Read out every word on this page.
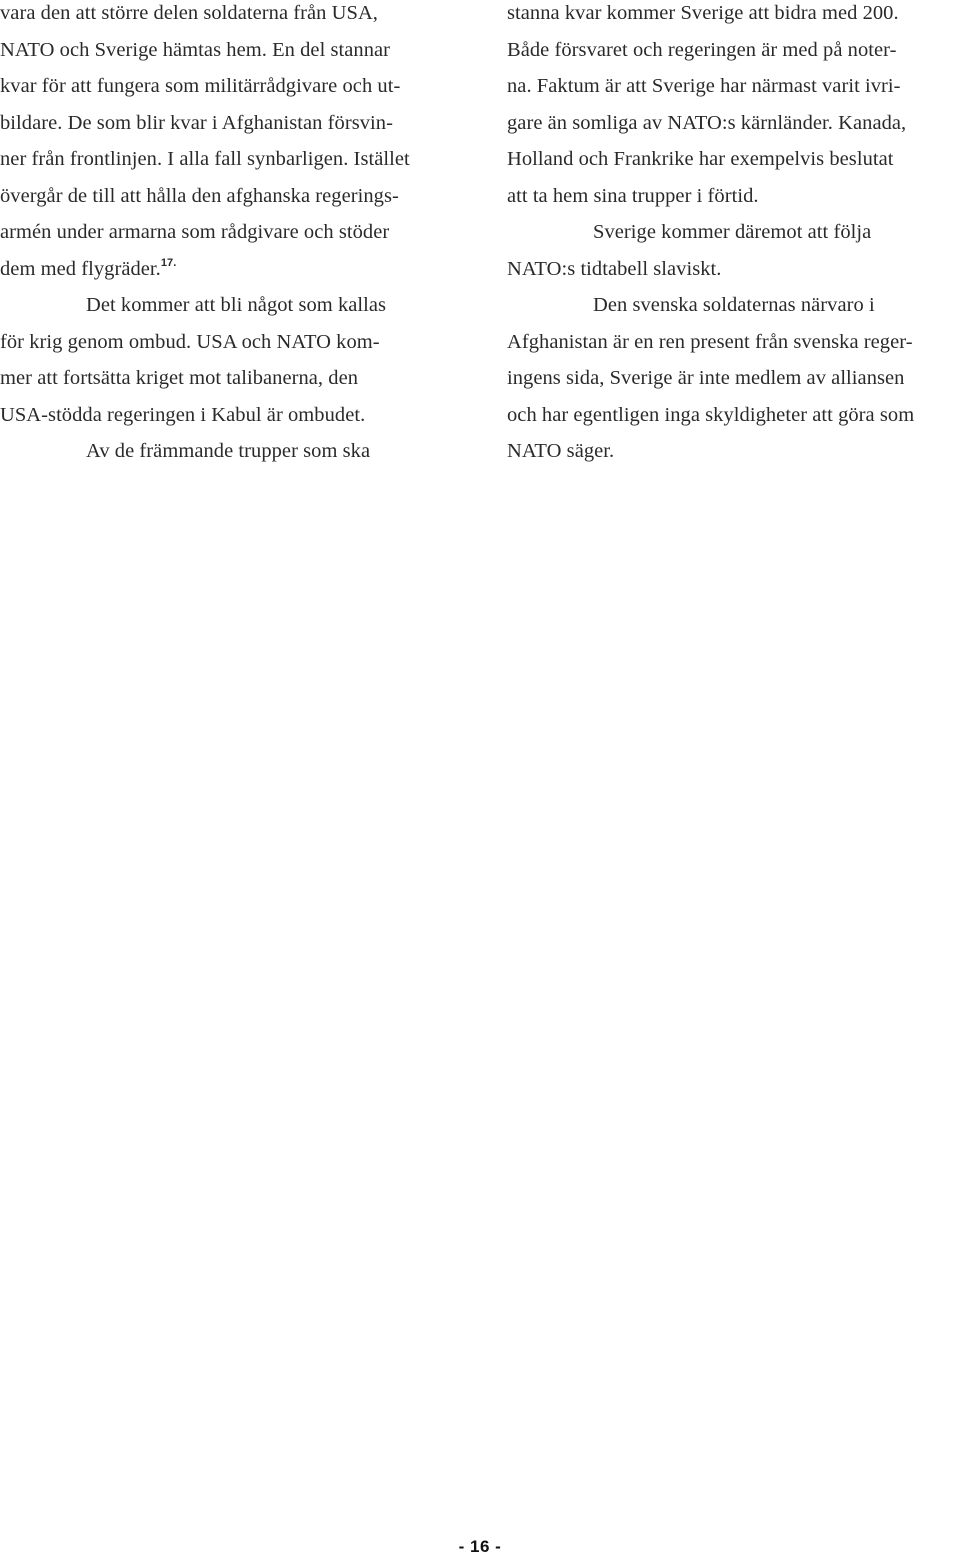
vara den att större delen soldaterna från USA,
NATO och Sverige hämtas hem. En del stannar
kvar för att fungera som militärrådgivare och ut-
bildare. De som blir kvar i Afghanistan försvin-
ner från frontlinjen. I alla fall synbarligen. Istället
övergår de till att hålla den afghanska regerings-
armén under armarna som rådgivare och stöder
dem med flygräder.$^{17.}$
Det kommer att bli något som kallas
för krig genom ombud. USA och NATO kom-
mer att fortsätta kriget mot talibanerna, den
USA-stödda regeringen i Kabul är ombudet.
Av de främmande trupper som ska
stanna kvar kommer Sverige att bidra med 200.
Både försvaret och regeringen är med på noter-
na. Faktum är att Sverige har närmast varit ivri-
gare än somliga av NATO:s kärnländer. Kanada,
Holland och Frankrike har exempelvis beslutat
att ta hem sina trupper i förtid.
Sverige kommer däremot att följa
NATO:s tidtabell slaviskt.
Den svenska soldaternas närvaro i
Afghanistan är en ren present från svenska reger-
ingens sida, Sverige är inte medlem av alliansen
och har egentligen inga skyldigheter att göra som
NATO säger.
- 16 -
